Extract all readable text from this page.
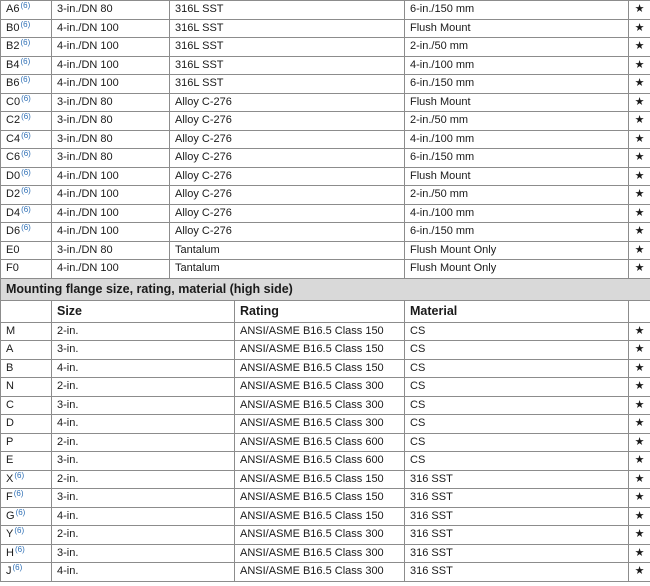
A6$^{(6)}$	3-in./DN 80	316L SST		6-in./150 mm	★
B0$^{(6)}$	4-in./DN 100	316L SST		Flush Mount	★
B2$^{(6)}$	4-in./DN 100	316L SST		2-in./50 mm	★
B4$^{(6)}$	4-in./DN 100	316L SST		4-in./100 mm	★
B6$^{(6)}$	4-in./DN 100	316L SST		6-in./150 mm	★
C0$^{(6)}$	3-in./DN 80	Alloy C-276		Flush Mount	★
C2$^{(6)}$	3-in./DN 80	Alloy C-276		2-in./50 mm	★
C4$^{(6)}$	3-in./DN 80	Alloy C-276		4-in./100 mm	★
C6$^{(6)}$	3-in./DN 80	Alloy C-276		6-in./150 mm	★
D0$^{(6)}$	4-in./DN 100	Alloy C-276		Flush Mount	★
D2$^{(6)}$	4-in./DN 100	Alloy C-276		2-in./50 mm	★
D4$^{(6)}$	4-in./DN 100	Alloy C-276		4-in./100 mm	★
D6$^{(6)}$	4-in./DN 100	Alloy C-276		6-in./150 mm	★
E0	3-in./DN 80	Tantalum		Flush Mount Only	★
F0	4-in./DN 100	Tantalum		Flush Mount Only	★
Mounting flange size, rating, material (high side)					
	Size		Rating	Material	
M	2-in.		ANSI/ASME B16.5 Class 150	CS	★
A	3-in.		ANSI/ASME B16.5 Class 150	CS	★
B	4-in.		ANSI/ASME B16.5 Class 150	CS	★
N	2-in.		ANSI/ASME B16.5 Class 300	CS	★
C	3-in.		ANSI/ASME B16.5 Class 300	CS	★
D	4-in.		ANSI/ASME B16.5 Class 300	CS	★
P	2-in.		ANSI/ASME B16.5 Class 600	CS	★
E	3-in.		ANSI/ASME B16.5 Class 600	CS	★
X$^{(6)}$	2-in.		ANSI/ASME B16.5 Class 150	316 SST	★
F$^{(6)}$	3-in.		ANSI/ASME B16.5 Class 150	316 SST	★
G$^{(6)}$	4-in.		ANSI/ASME B16.5 Class 150	316 SST	★
Y$^{(6)}$	2-in.		ANSI/ASME B16.5 Class 300	316 SST	★
H$^{(6)}$	3-in.		ANSI/ASME B16.5 Class 300	316 SST	★
J$^{(6)}$	4-in.		ANSI/ASME B16.5 Class 300	316 SST	★
